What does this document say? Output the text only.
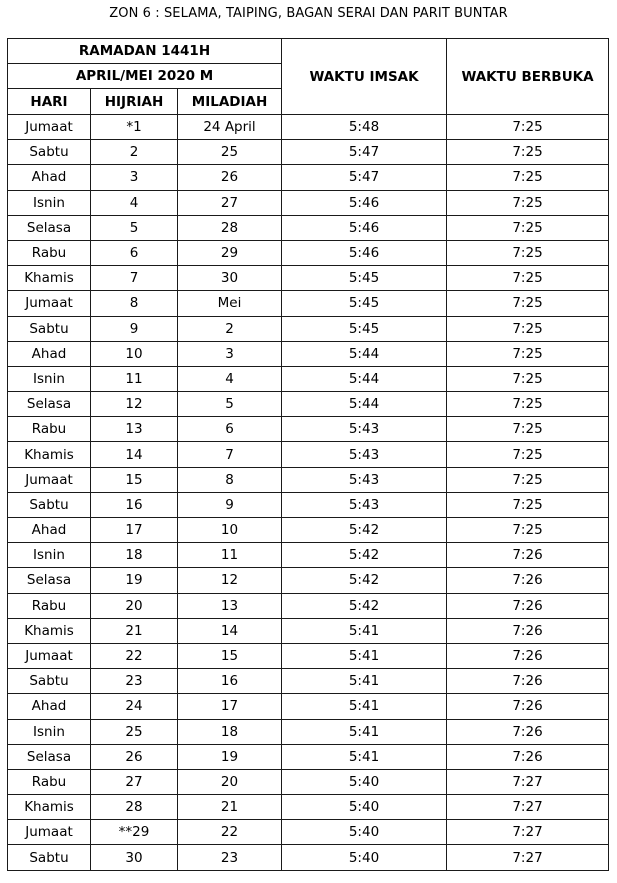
ZON 6 : SELAMA, TAIPING, BAGAN SERAI DAN PARIT BUNTAR
RAMADAN 1441H			WAKTU IMSAK	WAKTU BERBUKA
APRIL/MEI 2020 M				
HARI	HIJRIAH	MILADIAH		
Jumaat	*1	24 April	5:48	7:25
Sabtu	2	25	5:47	7:25
Ahad	3	26	5:47	7:25
Isnin	4	27	5:46	7:25
Selasa	5	28	5:46	7:25
Rabu	6	29	5:46	7:25
Khamis	7	30	5:45	7:25
Jumaat	8	Mei	5:45	7:25
Sabtu	9	2	5:45	7:25
Ahad	10	3	5:44	7:25
Isnin	11	4	5:44	7:25
Selasa	12	5	5:44	7:25
Rabu	13	6	5:43	7:25
Khamis	14	7	5:43	7:25
Jumaat	15	8	5:43	7:25
Sabtu	16	9	5:43	7:25
Ahad	17	10	5:42	7:25
Isnin	18	11	5:42	7:26
Selasa	19	12	5:42	7:26
Rabu	20	13	5:42	7:26
Khamis	21	14	5:41	7:26
Jumaat	22	15	5:41	7:26
Sabtu	23	16	5:41	7:26
Ahad	24	17	5:41	7:26
Isnin	25	18	5:41	7:26
Selasa	26	19	5:41	7:26
Rabu	27	20	5:40	7:27
Khamis	28	21	5:40	7:27
Jumaat	**29	22	5:40	7:27
Sabtu	30	23	5:40	7:27
